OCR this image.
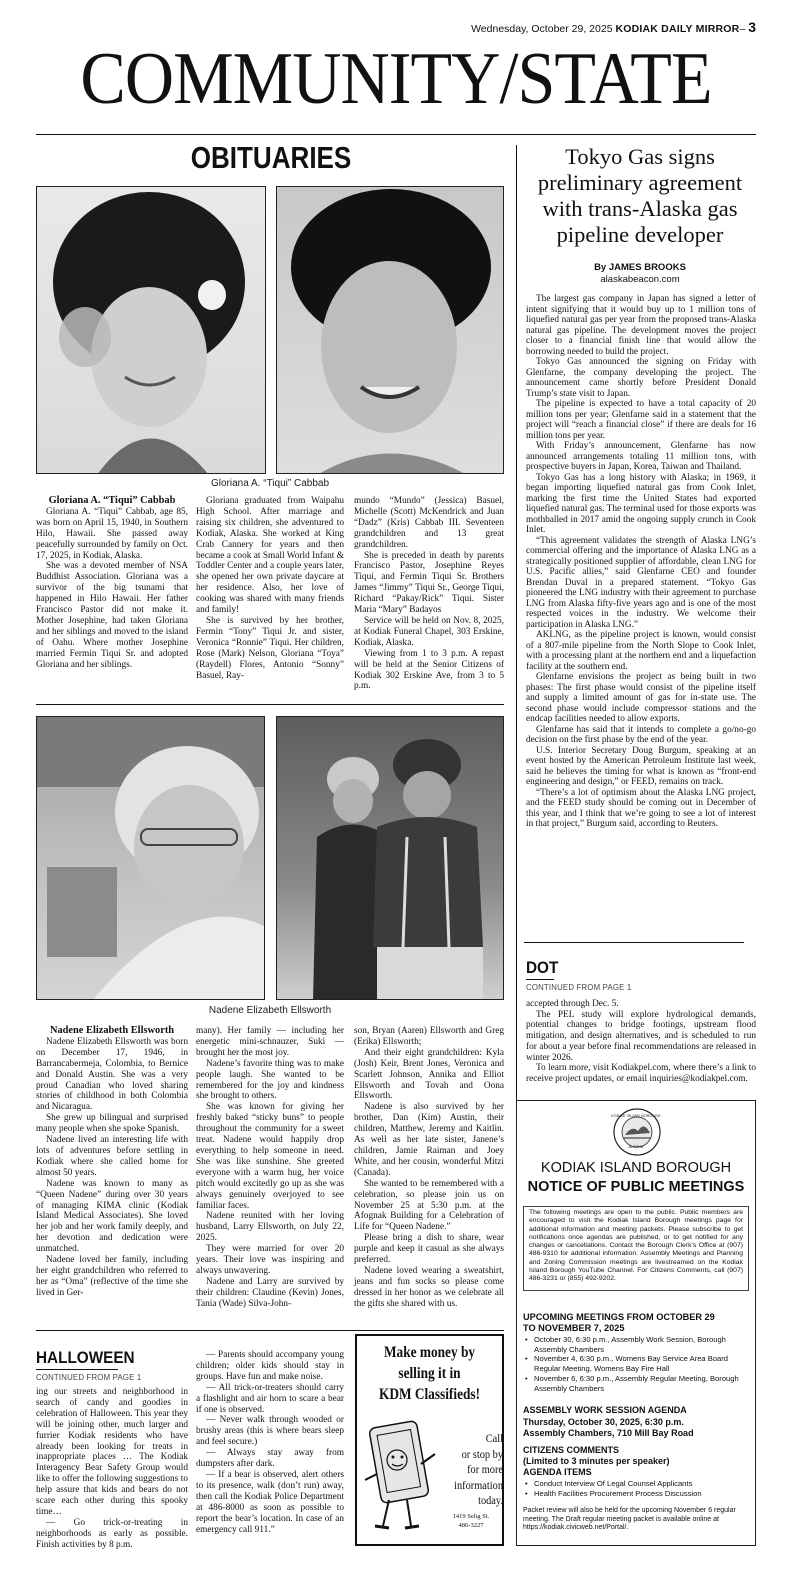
Wednesday, October 29, 2025 KODIAK DAILY MIRROR– 3
COMMUNITY/STATE
OBITUARIES
Gloriana A. “Tiqui” Cabbab

Gloriana A. “Tiqui” Cabbab

Gloriana A. “Tiqui” Cabbab, age 85, was born on April 15, 1940, in Southern Hilo, Hawaii. She passed away peacefully surrounded by family on Oct. 17, 2025, in Kodiak, Alaska.

She was a devoted member of NSA Buddhist Association. Gloriana was a survivor of the big tsunami that happened in Hilo Hawaii. Her father Francisco Pastor did not make it. Mother Josephine, had taken Gloriana and her siblings and moved to the island of Oahu. Where mother Josephine married Fermin Tiqui Sr. and adopted Gloriana and her siblings.

Gloriana graduated from Waipahu High School. After marriage and raising six children, she adventured to Kodiak, Alaska. She worked at King Crab Cannery for years and then became a cook at Small World Infant & Toddler Center and a couple years later, she opened her own private daycare at her residence. Also, her love of cooking was shared with many friends and family!

She is survived by her brother, Fermin “Tony” Tiqui Jr. and sister, Veronica “Ronnie” Tiqui. Her children, Rose (Mark) Nelson, Gloriana “Toya” (Raydell) Flores, Antonio “Sonny” Basuel, Ray-

mundo “Mundo” (Jessica) Basuel, Michelle (Scott) McKendrick and Juan “Dadz” (Kris) Cabbab III. Seventeen grandchildren and 13 great grandchildren.

She is preceded in death by parents Francisco Pastor, Josephine Reyes Tiqui, and Fermin Tiqui Sr. Brothers James “Jimmy” Tiqui Sr., George Tiqui, Richard “Pakay/Rick” Tiqui. Sister Maria “Mary” Badayos

Service will be held on Nov. 8, 2025, at Kodiak Funeral Chapel, 303 Erskine, Kodiak, Alaska.

Viewing from 1 to 3 p.m. A repast will be held at the Senior Citizens of Kodiak 302 Erskine Ave, from 3 to 5 p.m.

Nadene Elizabeth Ellsworth

Nadene Elizabeth Ellsworth

Nadene Elizabeth Ellsworth was born on December 17, 1946, in Barrancabermeja, Colombia, to Bernice and Donald Austin. She was a very proud Canadian who loved sharing stories of childhood in both Colombia and Nicaragua.

She grew up bilingual and surprised many people when she spoke Spanish.

Nadene lived an interesting life with lots of adventures before settling in Kodiak where she called home for almost 50 years.

Nadene was known to many as “Queen Nadene” during over 30 years of managing KIMA clinic (Kodiak Island Medical Associates). She loved her job and her work family deeply, and her devotion and dedication were unmatched.

Nadene loved her family, including her eight grandchildren who referred to her as “Oma” (reflective of the time she lived in Ger-

many). Her family — including her energetic mini-schnauzer, Suki — brought her the most joy.

Nadene’s favorite thing was to make people laugh. She wanted to be remembered for the joy and kindness she brought to others.

She was known for giving her freshly baked “sticky buns” to people throughout the community for a sweet treat. Nadene would happily drop everything to help someone in need. She was like sunshine. She greeted everyone with a warm hug, her voice pitch would excitedly go up as she was always genuinely overjoyed to see familiar faces.

Nadene reunited with her loving husband, Larry Ellsworth, on July 22, 2025.

They were married for over 20 years. Their love was inspiring and always unwavering.

Nadene and Larry are survived by their children: Claudine (Kevin) Jones, Tania (Wade) Silva-John-

son, Bryan (Aaren) Ellsworth and Greg (Erika) Ellsworth;

And their eight grandchildren: Kyla (Josh) Keir, Brent Jones, Veronica and Scarlett Johnson, Annika and Elliot Ellsworth and Tovah and Oona Ellsworth.

Nadene is also survived by her brother, Dan (Kim) Austin, their children, Matthew, Jeremy and Kaitlin. As well as her late sister, Janene’s children, Jamie Raiman and Joey White, and her cousin, wonderful Mitzi (Canada).

She wanted to be remembered with a celebration, so please join us on November 25 at 5:30 p.m. at the Afognak Building for a Celebration of Life for “Queen Nadene.”

Please bring a dish to share, wear purple and keep it casual as she always preferred.

Nadene loved wearing a sweatshirt, jeans and fun socks so please come dressed in her honor as we celebrate all the gifts she shared with us.

HALLOWEEN
CONTINUED FROM PAGE 1

ing our streets and neighborhood in search of candy and goodies in celebration of Halloween. This year they will be joining other, much larger and furrier Kodiak residents who have already been looking for treats in inappropriate places … The Kodiak Interagency Bear Safety Group would like to offer the following suggestions to help assure that kids and bears do not scare each other during this spooky time…

— Go trick-or-treating in neighborhoods as early as possible. Finish activities by 8 p.m.

— Parents should accompany young children; older kids should stay in groups. Have fun and make noise.

— All trick-or-treaters should carry a flashlight and air horn to scare a bear if one is observed.

— Never walk through wooded or brushy areas (this is where bears sleep and feel secure.)

— Always stay away from dumpsters after dark.

— If a bear is observed, alert others to its presence, walk (don’t run) away, then call the Kodiak Police Department at 486-8000 as soon as possible to report the bear’s location. In case of an emergency call 911.”

Make money by
selling it in
KDM Classifieds!
Call
or stop by
for more
information
today.
1419 Selig St.
486-3227
Tokyo Gas signs preliminary agreement with trans-Alaska gas pipeline developer
By JAMES BROOKS
alaskabeacon.com

The largest gas company in Japan has signed a letter of intent signifying that it would buy up to 1 million tons of liquefied natural gas per year from the proposed trans-Alaska natural gas pipeline. The development moves the project closer to a financial finish line that would allow the borrowing needed to build the project.

Tokyo Gas announced the signing on Friday with Glenfarne, the company developing the project. The announcement came shortly before President Donald Trump’s state visit to Japan.

The pipeline is expected to have a total capacity of 20 million tons per year; Glenfarne said in a statement that the project will “reach a financial close” if there are deals for 16 million tons per year.

With Friday’s announcement, Glenfarne has now announced arrangements totaling 11 million tons, with prospective buyers in Japan, Korea, Taiwan and Thailand.

Tokyo Gas has a long history with Alaska; in 1969, it began importing liquefied natural gas from Cook Inlet, marking the first time the United States had exported liquefied natural gas. The terminal used for those exports was mothballed in 2017 amid the ongoing supply crunch in Cook Inlet.

“This agreement validates the strength of Alaska LNG’s commercial offering and the importance of Alaska LNG as a strategically positioned supplier of affordable, clean LNG for U.S. Pacific allies,” said Glenfarne CEO and founder Brendan Duval in a prepared statement. “Tokyo Gas pioneered the LNG industry with their agreement to purchase LNG from Alaska fifty-five years ago and is one of the most respected voices in the industry. We welcome their participation in Alaska LNG.”

AKLNG, as the pipeline project is known, would consist of a 807-mile pipeline from the North Slope to Cook Inlet, with a processing plant at the northern end and a liquefaction facility at the southern end.

Glenfarne envisions the project as being built in two phases: The first phase would consist of the pipeline itself and supply a limited amount of gas for in-state use. The second phase would include compressor stations and the endcap facilities needed to allow exports.

Glenfarne has said that it intends to complete a go/no-go decision on the first phase by the end of the year.

U.S. Interior Secretary Doug Burgum, speaking at an event hosted by the American Petroleum Institute last week, said he believes the timing for what is known as “front-end engineering and design,” or FEED, remains on track.

“There’s a lot of optimism about the Alaska LNG project, and the FEED study should be coming out in December of this year, and I think that we’re going to see a lot of interest in that project,” Burgum said, according to Reuters.

DOT
CONTINUED FROM PAGE 1

accepted through Dec. 5.

The PEL study will explore hydrological demands, potential changes to bridge footings, upstream flood mitigation, and design alternatives, and is scheduled to run for about a year before final recommendations are released in winter 2026.

To learn more, visit Kodiakpel.com, where there’s a link to receive project updates, or email inquiries@kodiakpel.com.

KODIAK ISLAND BOROUGH
ALASKA
KODIAK ISLAND BOROUGH
NOTICE OF PUBLIC MEETINGS
The following meetings are open to the public. Public members are encouraged to visit the Kodiak Island Borough meetings page for additional information and meeting packets. Please subscribe to get notifications once agendas are published, or to get notified for any changes or cancellations. Contact the Borough Clerk’s Office at (907) 486-9310 for additional information. Assembly Meetings and Planning and Zoning Commission meetings are livestreamed on the Kodiak Island Borough YouTube Channel. For Citizens Comments, call (907) 486-3231 or (855) 492-9202.
UPCOMING MEETINGS FROM OCTOBER 29
TO NOVEMBER 7, 2025
• October 30, 6:30 p.m., Assembly Work Session, Borough Assembly Chambers
• November 4, 6:30 p.m., Womens Bay Service Area Board Regular Meeting, Womens Bay Fire Hall
• November 6, 6:30 p.m., Assembly Regular Meeting, Borough Assembly Chambers
ASSEMBLY WORK SESSION AGENDA
Thursday, October 30, 2025, 6:30 p.m.
Assembly Chambers, 710 Mill Bay Road
CITIZENS COMMENTS
(Limited to 3 minutes per speaker)
AGENDA ITEMS
• Conduct Interview Of Legal Counsel Applicants
• Health Facilities Procurement Process Discussion
Packet review will also be held for the upcoming November 6 regular meeting. The Draft regular meeting packet is available online at https://kodiak.civicweb.net/Portal/.
